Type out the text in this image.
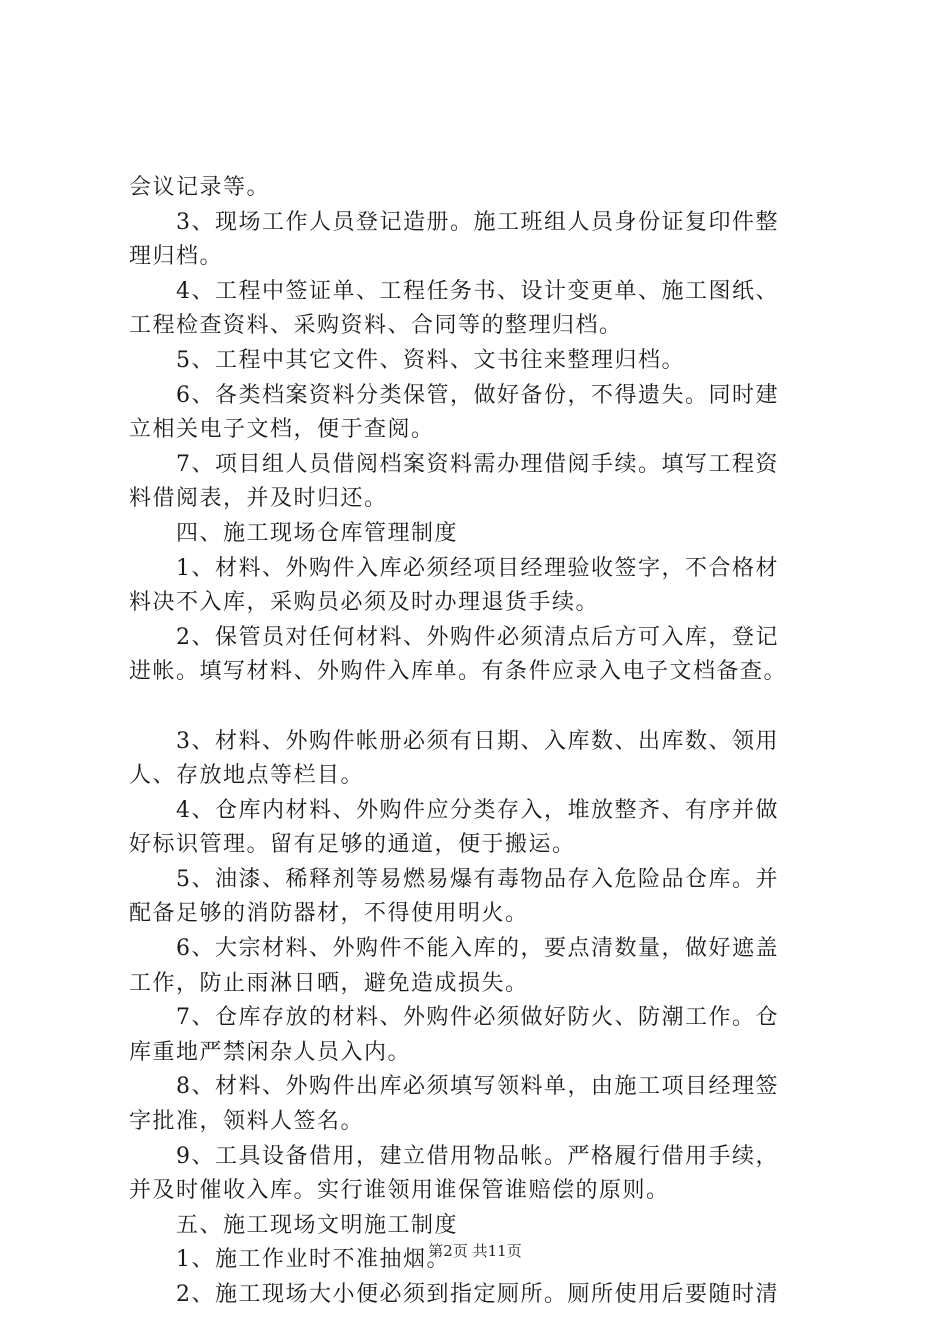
会议记录等。
3、现场工作人员登记造册。施工班组人员身份证复印件整
理归档。
4、工程中签证单、工程任务书、设计变更单、施工图纸、
工程检查资料、采购资料、合同等的整理归档。
5、工程中其它文件、资料、文书往来整理归档。
6、各类档案资料分类保管，做好备份，不得遗失。同时建
立相关电子文档，便于查阅。
7、项目组人员借阅档案资料需办理借阅手续。填写工程资
料借阅表，并及时归还。
四、施工现场仓库管理制度
1、材料、外购件入库必须经项目经理验收签字，不合格材
料决不入库，采购员必须及时办理退货手续。
2、保管员对任何材料、外购件必须清点后方可入库，登记
进帐。填写材料、外购件入库单。有条件应录入电子文档备查。
3、材料、外购件帐册必须有日期、入库数、出库数、领用
人、存放地点等栏目。
4、仓库内材料、外购件应分类存入，堆放整齐、有序并做
好标识管理。留有足够的通道，便于搬运。
5、油漆、稀释剂等易燃易爆有毒物品存入危险品仓库。并
配备足够的消防器材，不得使用明火。
6、大宗材料、外购件不能入库的，要点清数量，做好遮盖
工作，防止雨淋日晒，避免造成损失。
7、仓库存放的材料、外购件必须做好防火、防潮工作。仓
库重地严禁闲杂人员入内。
8、材料、外购件出库必须填写领料单，由施工项目经理签
字批准，领料人签名。
9、工具设备借用，建立借用物品帐。严格履行借用手续，
并及时催收入库。实行谁领用谁保管谁赔偿的原则。
五、施工现场文明施工制度
1、施工作业时不准抽烟。
2、施工现场大小便必须到指定厕所。厕所使用后要随时清
第2页 共11页
